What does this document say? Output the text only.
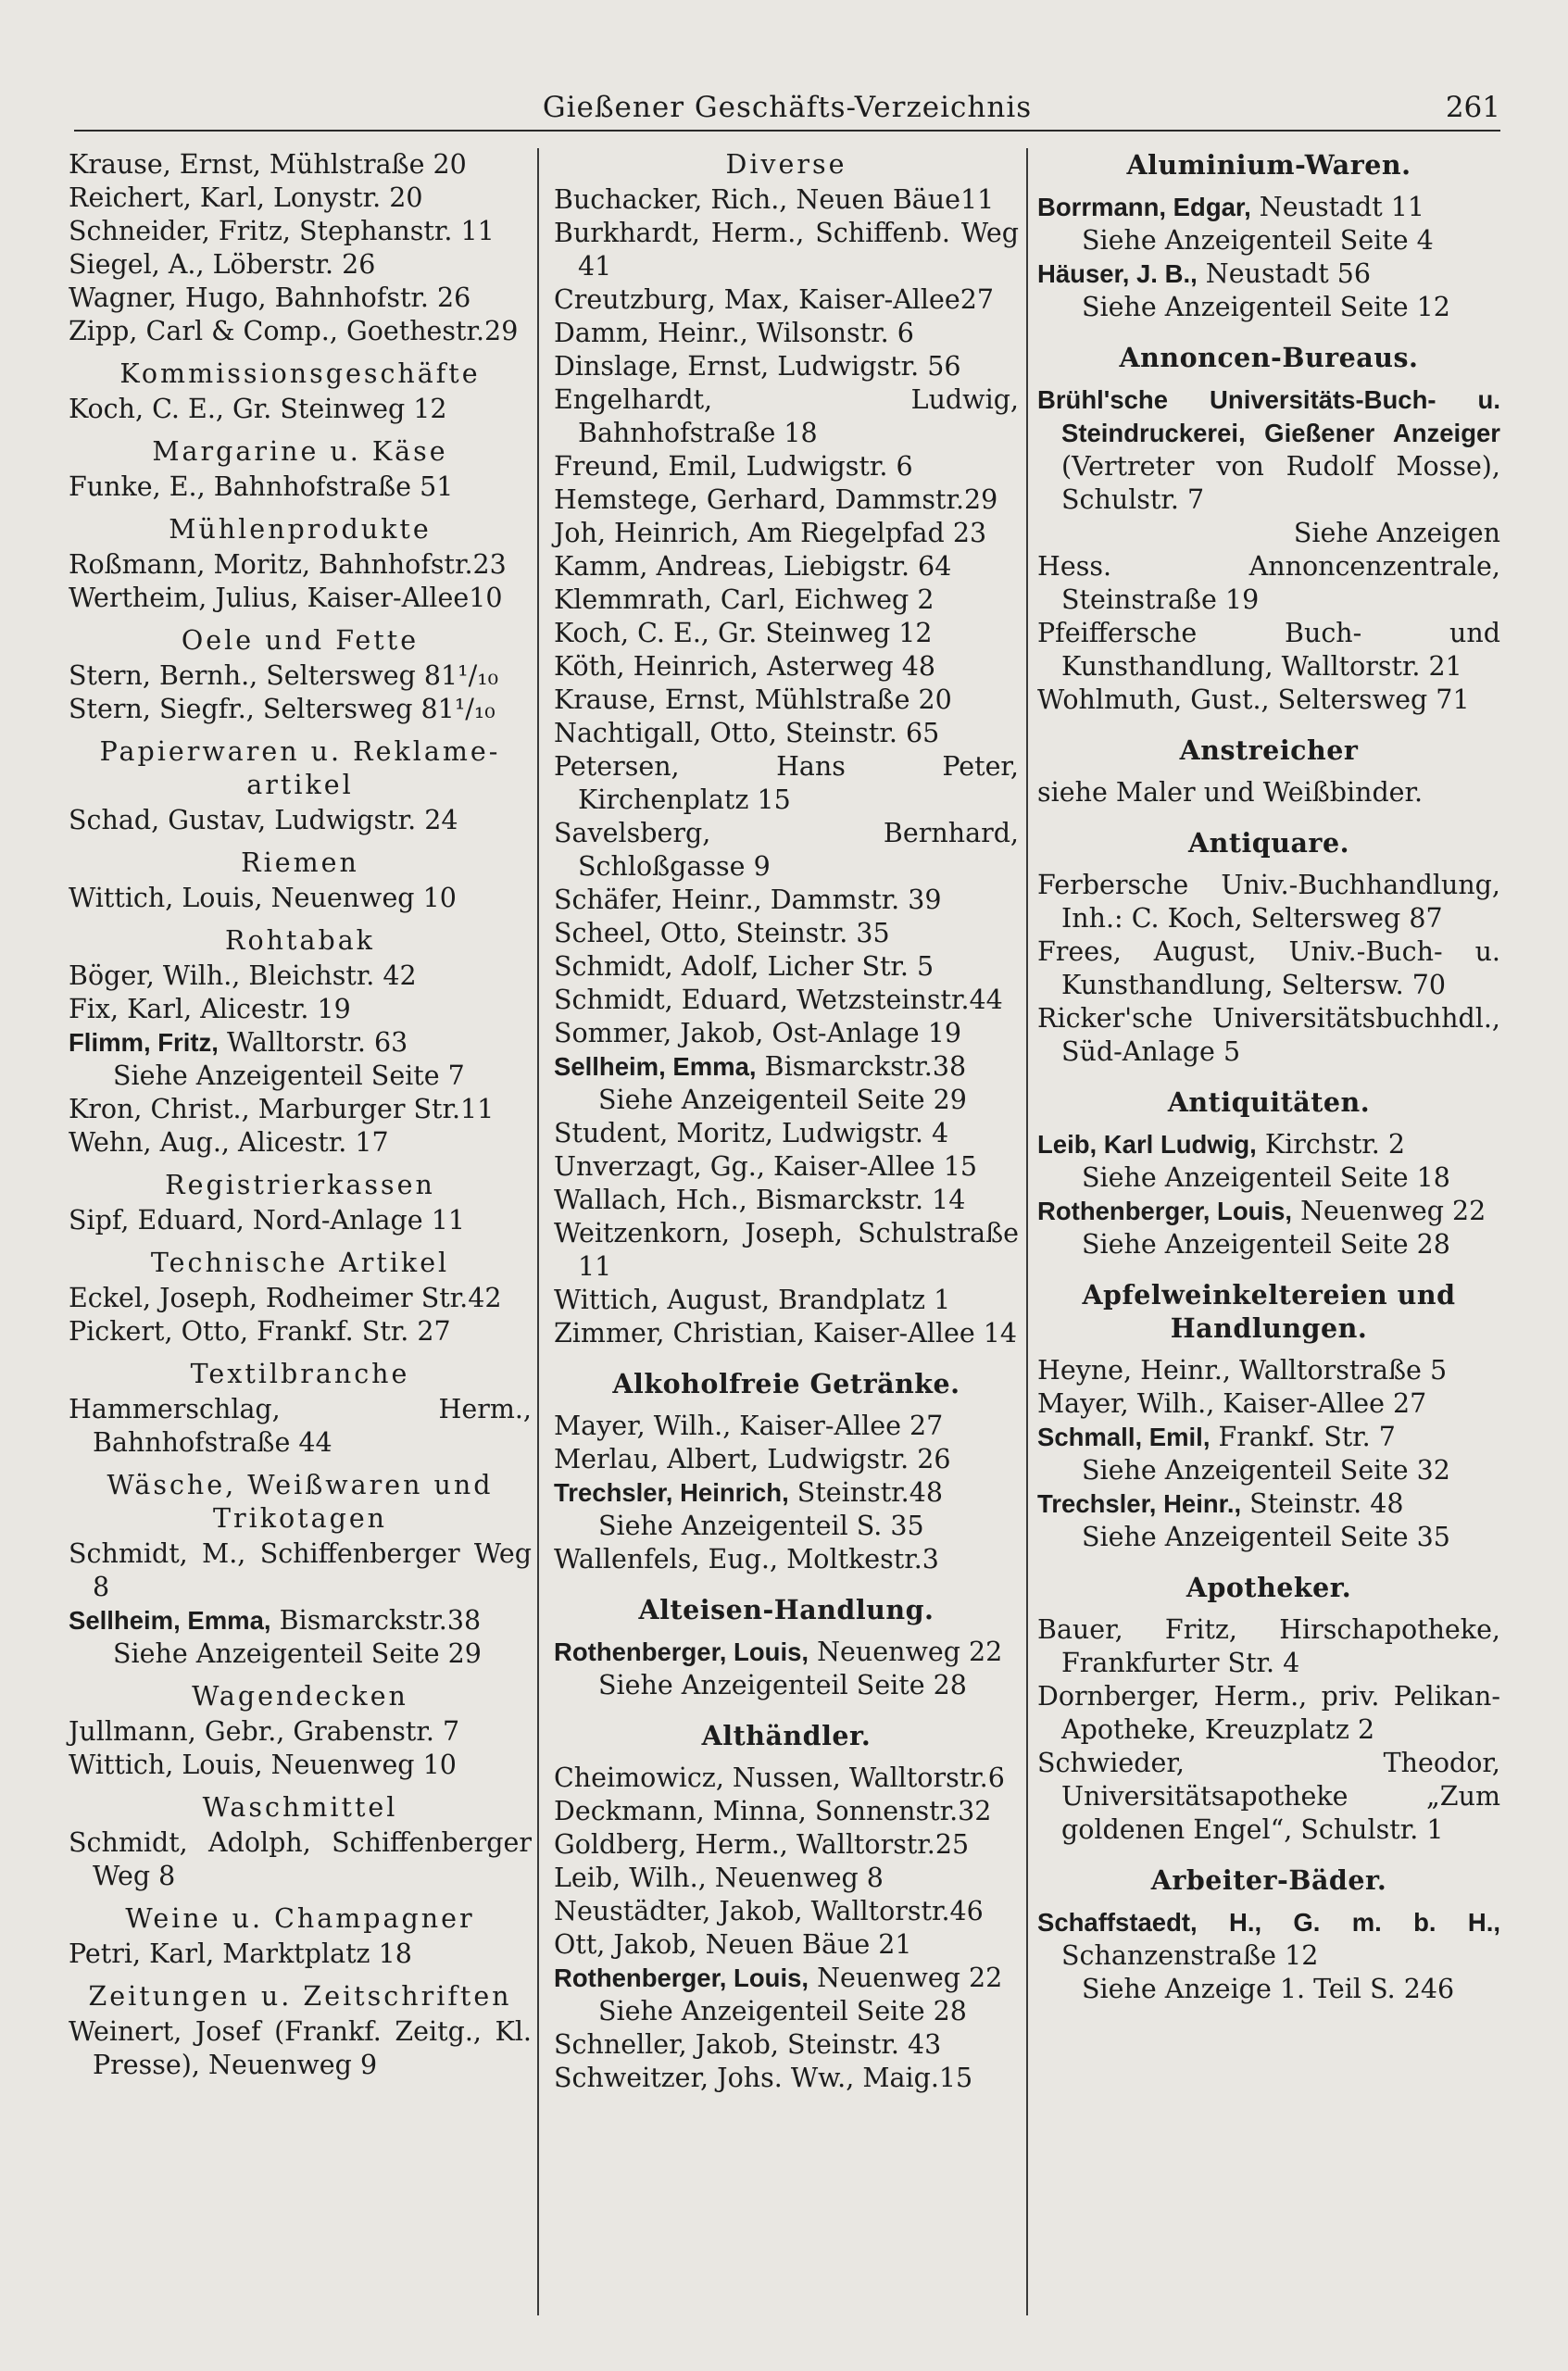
Gießener Geschäfts-Verzeichnis	261
Krause, Ernst, Mühlstraße 20
Reichert, Karl, Lonystr. 20
Schneider, Fritz, Stephanstr. 11
Siegel, A., Löberstr. 26
Wagner, Hugo, Bahnhofstr. 26
Zipp, Carl & Comp., Goethestr.29
Kommissionsgeschäfte
Koch, C. E., Gr. Steinweg 12
Margarine u. Käse
Funke, E., Bahnhofstraße 51
Mühlenprodukte
Roßmann, Moritz, Bahnhofstr.23
Wertheim, Julius, Kaiser-Allee10
Oele und Fette
Stern, Bernh., Seltersweg 81¹/₁₀
Stern, Siegfr., Seltersweg 81¹/₁₀
Papierwaren u. Reklame-artikel
Schad, Gustav, Ludwigstr. 24
Riemen
Wittich, Louis, Neuenweg 10
Rohtabak
Böger, Wilh., Bleichstr. 42
Fix, Karl, Alicestr. 19
Flimm, Fritz, Walltorstr. 63
Siehe Anzeigenteil Seite 7
Kron, Christ., Marburger Str.11
Wehn, Aug., Alicestr. 17
Registrierkassen
Sipf, Eduard, Nord-Anlage 11
Technische Artikel
Eckel, Joseph, Rodheimer Str.42
Pickert, Otto, Frankf. Str. 27
Textilbranche
Hammerschlag, Herm., Bahnhofstraße 44
Wäsche, Weißwaren und Trikotagen
Schmidt, M., Schiffenberger Weg 8
Sellheim, Emma, Bismarckstr.38
Siehe Anzeigenteil Seite 29
Wagendecken
Jullmann, Gebr., Grabenstr. 7
Wittich, Louis, Neuenweg 10
Waschmittel
Schmidt, Adolph, Schiffenberger Weg 8
Weine u. Champagner
Petri, Karl, Marktplatz 18
Zeitungen u. Zeitschriften
Weinert, Josef (Frankf. Zeitg., Kl. Presse), Neuenweg 9
Diverse
Buchacker, Rich., Neuen Bäue11
Burkhardt, Herm., Schiffenb. Weg 41
Creutzburg, Max, Kaiser-Allee27
Damm, Heinr., Wilsonstr. 6
Dinslage, Ernst, Ludwigstr. 56
Engelhardt, Ludwig, Bahnhofstraße 18
Freund, Emil, Ludwigstr. 6
Hemstege, Gerhard, Dammstr.29
Joh, Heinrich, Am Riegelpfad 23
Kamm, Andreas, Liebigstr. 64
Klemmrath, Carl, Eichweg 2
Koch, C. E., Gr. Steinweg 12
Köth, Heinrich, Asterweg 48
Krause, Ernst, Mühlstraße 20
Nachtigall, Otto, Steinstr. 65
Petersen, Hans Peter, Kirchenplatz 15
Savelsberg, Bernhard, Schloßgasse 9
Schäfer, Heinr., Dammstr. 39
Scheel, Otto, Steinstr. 35
Schmidt, Adolf, Licher Str. 5
Schmidt, Eduard, Wetzsteinstr.44
Sommer, Jakob, Ost-Anlage 19
Sellheim, Emma, Bismarckstr.38
Siehe Anzeigenteil Seite 29
Student, Moritz, Ludwigstr. 4
Unverzagt, Gg., Kaiser-Allee 15
Wallach, Hch., Bismarckstr. 14
Weitzenkorn, Joseph, Schulstraße 11
Wittich, August, Brandplatz 1
Zimmer, Christian, Kaiser-Allee 14
Alkoholfreie Getränke.
Mayer, Wilh., Kaiser-Allee 27
Merlau, Albert, Ludwigstr. 26
Trechsler, Heinrich, Steinstr.48
Siehe Anzeigenteil S. 35
Wallenfels, Eug., Moltkestr.3
Alteisen-Handlung.
Rothenberger, Louis, Neuenweg 22
Siehe Anzeigenteil Seite 28
Althändler.
Cheimowicz, Nussen, Walltorstr.6
Deckmann, Minna, Sonnenstr.32
Goldberg, Herm., Walltorstr.25
Leib, Wilh., Neuenweg 8
Neustädter, Jakob, Walltorstr.46
Ott, Jakob, Neuen Bäue 21
Rothenberger, Louis, Neuenweg 22
Siehe Anzeigenteil Seite 28
Schneller, Jakob, Steinstr. 43
Schweitzer, Johs. Ww., Maig.15
Aluminium-Waren.
Borrmann, Edgar, Neustadt 11
Siehe Anzeigenteil Seite 4
Häuser, J. B., Neustadt 56
Siehe Anzeigenteil Seite 12
Annoncen-Bureaus.
Brühl'sche Universitäts-Buch- u. Steindruckerei, Gießener Anzeiger (Vertreter von Rudolf Mosse), Schulstr. 7
Siehe Anzeigen
Hess. Annoncenzentrale, Steinstraße 19
Pfeiffersche Buch- und Kunsthandlung, Walltorstr. 21
Wohlmuth, Gust., Seltersweg 71
Anstreicher
siehe Maler und Weißbinder.
Antiquare.
Ferbersche Univ.-Buchhandlung, Inh.: C. Koch, Seltersweg 87
Frees, August, Univ.-Buch- u. Kunsthandlung, Seltersw. 70
Ricker'sche Universitätsbuchhdl., Süd-Anlage 5
Antiquitäten.
Leib, Karl Ludwig, Kirchstr. 2
Siehe Anzeigenteil Seite 18
Rothenberger, Louis, Neuenweg 22
Siehe Anzeigenteil Seite 28
Apfelweinkeltereien und Handlungen.
Heyne, Heinr., Walltorstraße 5
Mayer, Wilh., Kaiser-Allee 27
Schmall, Emil, Frankf. Str. 7
Siehe Anzeigenteil Seite 32
Trechsler, Heinr., Steinstr. 48
Siehe Anzeigenteil Seite 35
Apotheker.
Bauer, Fritz, Hirschapotheke, Frankfurter Str. 4
Dornberger, Herm., priv. Pelikan-Apotheke, Kreuzplatz 2
Schwieder, Theodor, Universitätsapotheke „Zum goldenen Engel“, Schulstr. 1
Arbeiter-Bäder.
Schaffstaedt, H., G. m. b. H., Schanzenstraße 12
Siehe Anzeige 1. Teil S. 246
